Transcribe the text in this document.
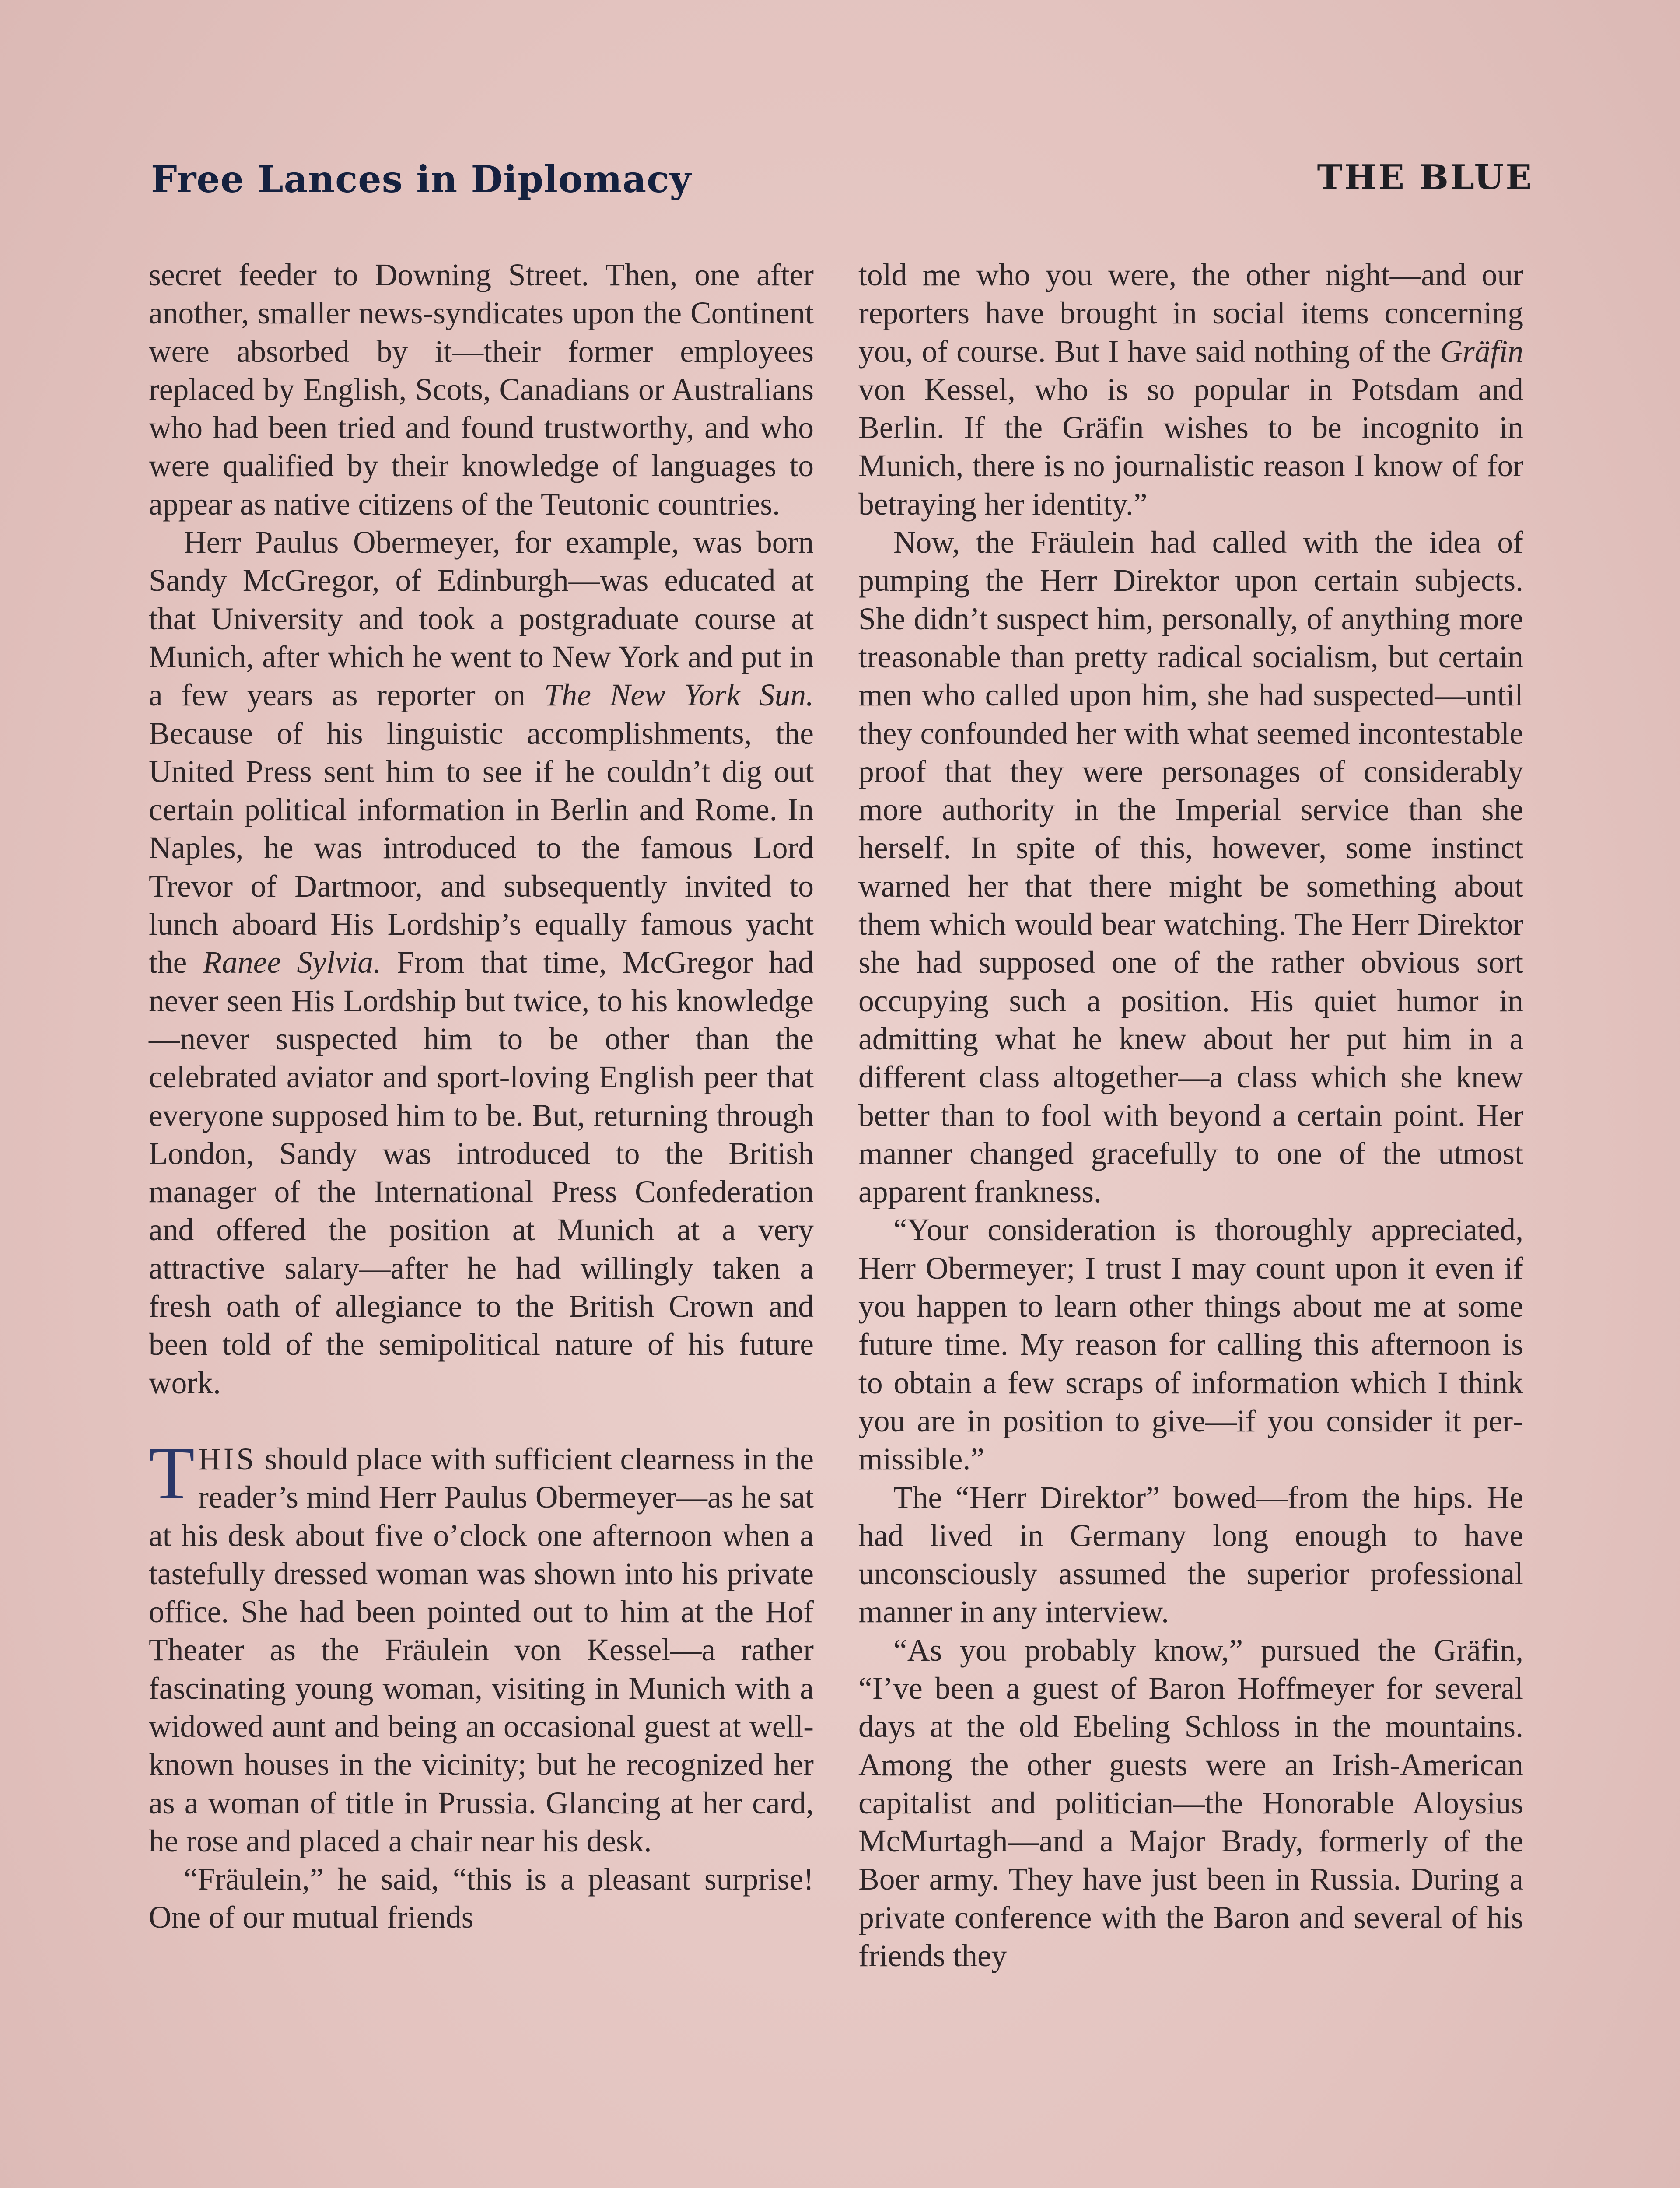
Free Lances in Diplomacy	THE BLUE

secret feeder to Downing Street. Then, one after another, smaller news-syndicates upon the Continent were absorbed by it—their former employees replaced by English, Scots, Canadians or Australians who had been tried and found trustworthy, and who were qualified by their knowledge of languages to appear as native citizens of the Teutonic countries.

Herr Paulus Obermeyer, for example, was born Sandy McGregor, of Edinburgh—was educated at that University and took a postgraduate course at Munich, after which he went to New York and put in a few years as reporter on The New York Sun. Because of his linguistic accomplishments, the United Press sent him to see if he couldn’t dig out certain political information in Berlin and Rome. In Naples, he was introduced to the famous Lord Trevor of Dartmoor, and subsequently invited to lunch aboard His Lordship’s equally famous yacht the Ranee Sylvia. From that time, McGregor had never seen His Lordship but twice, to his knowledge—never suspected him to be other than the celebrated aviator and sport-loving English peer that everyone supposed him to be. But, returning through London, Sandy was introduced to the British manager of the International Press Confederation and offered the position at Munich at a very attractive salary—after he had willingly taken a fresh oath of allegiance to the British Crown and been told of the semipolitical nature of his future work.

THIS should place with sufficient clearness in the reader’s mind Herr Paulus Obermeyer—as he sat at his desk about five o’clock one afternoon when a tastefully dressed woman was shown into his private office. She had been pointed out to him at the Hof Theater as the Fräulein von Kessel—a rather fascinating young woman, visiting in Munich with a widowed aunt and being an occasional guest at well-known houses in the vicinity; but he recognized her as a woman of title in Prussia. Glancing at her card, he rose and placed a chair near his desk.

“Fräulein,” he said, “this is a pleasant surprise! One of our mutual friends

told me who you were, the other night—and our reporters have brought in social items concerning you, of course. But I have said nothing of the Gräfin von Kessel, who is so popular in Potsdam and Berlin. If the Gräfin wishes to be incognito in Munich, there is no journalistic reason I know of for betraying her identity.”

Now, the Fräulein had called with the idea of pumping the Herr Direktor upon certain subjects. She didn’t suspect him, personally, of anything more treasonable than pretty radical socialism, but certain men who called upon him, she had suspected—until they confounded her with what seemed incontestable proof that they were personages of considerably more authority in the Imperial service than she herself. In spite of this, however, some instinct warned her that there might be something about them which would bear watching. The Herr Direktor she had supposed one of the rather obvious sort occupying such a position. His quiet humor in admitting what he knew about her put him in a different class altogether—a class which she knew better than to fool with beyond a certain point. Her manner changed gracefully to one of the utmost apparent frankness.

“Your consideration is thoroughly appreciated, Herr Obermeyer; I trust I may count upon it even if you happen to learn other things about me at some future time. My reason for calling this afternoon is to obtain a few scraps of information which I think you are in position to give—if you consider it permissible.”

The “Herr Direktor” bowed—from the hips. He had lived in Germany long enough to have unconsciously assumed the superior professional manner in any interview.

“As you probably know,” pursued the Gräfin, “I’ve been a guest of Baron Hoffmeyer for several days at the old Ebeling Schloss in the mountains. Among the other guests were an Irish-American capitalist and politician—the Honorable Aloysius McMurtagh—and a Major Brady, formerly of the Boer army. They have just been in Russia. During a private conference with the Baron and several of his friends they
